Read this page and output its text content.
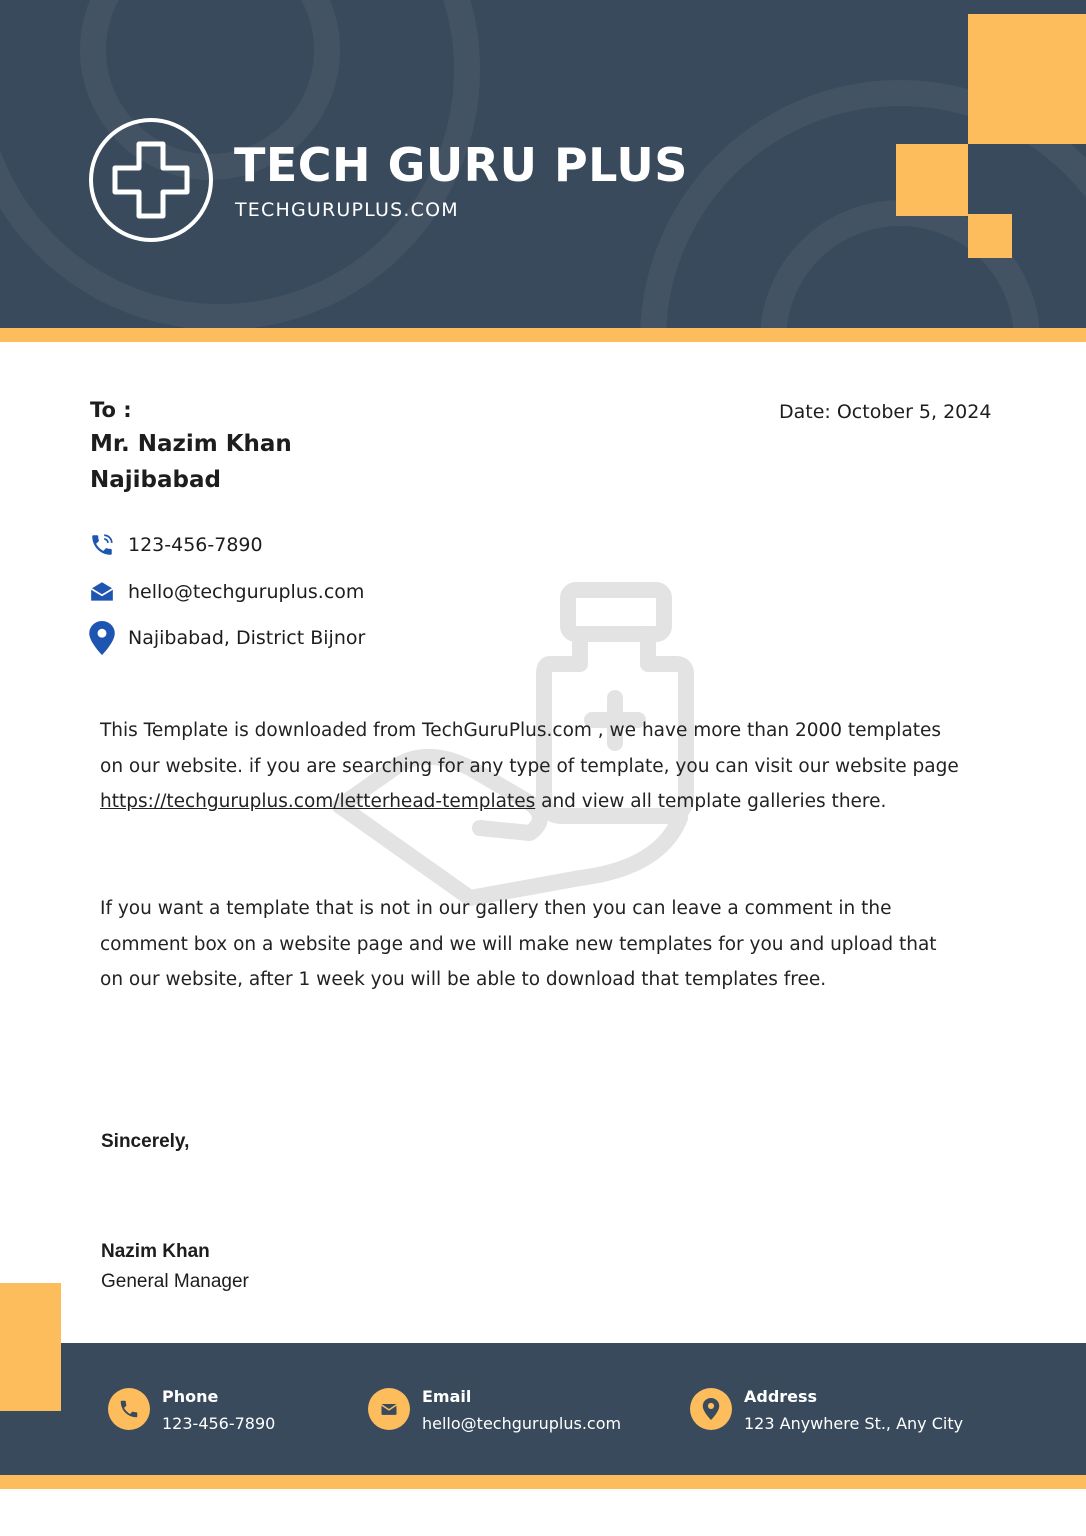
TECH GURU PLUS
TECHGURUPLUS.COM
To :
Mr. Nazim Khan
Najibabad
Date: October 5, 2024
123-456-7890
hello@techguruplus.com
Najibabad, District Bijnor

This Template is downloaded from TechGuruPlus.com , we have more than 2000 templates on our website. if you are searching for any type of template, you can visit our website page https://techguruplus.com/letterhead-templates and view all template galleries there.

If you want a template that is not in our gallery then you can leave a comment in the comment box on a website page and we will make new templates for you and upload that on our website, after 1 week you will be able to download that templates free.

Sincerely,
Nazim Khan
General Manager
Phone
123-456-7890
Email
hello@techguruplus.com
Address
123 Anywhere St., Any City
